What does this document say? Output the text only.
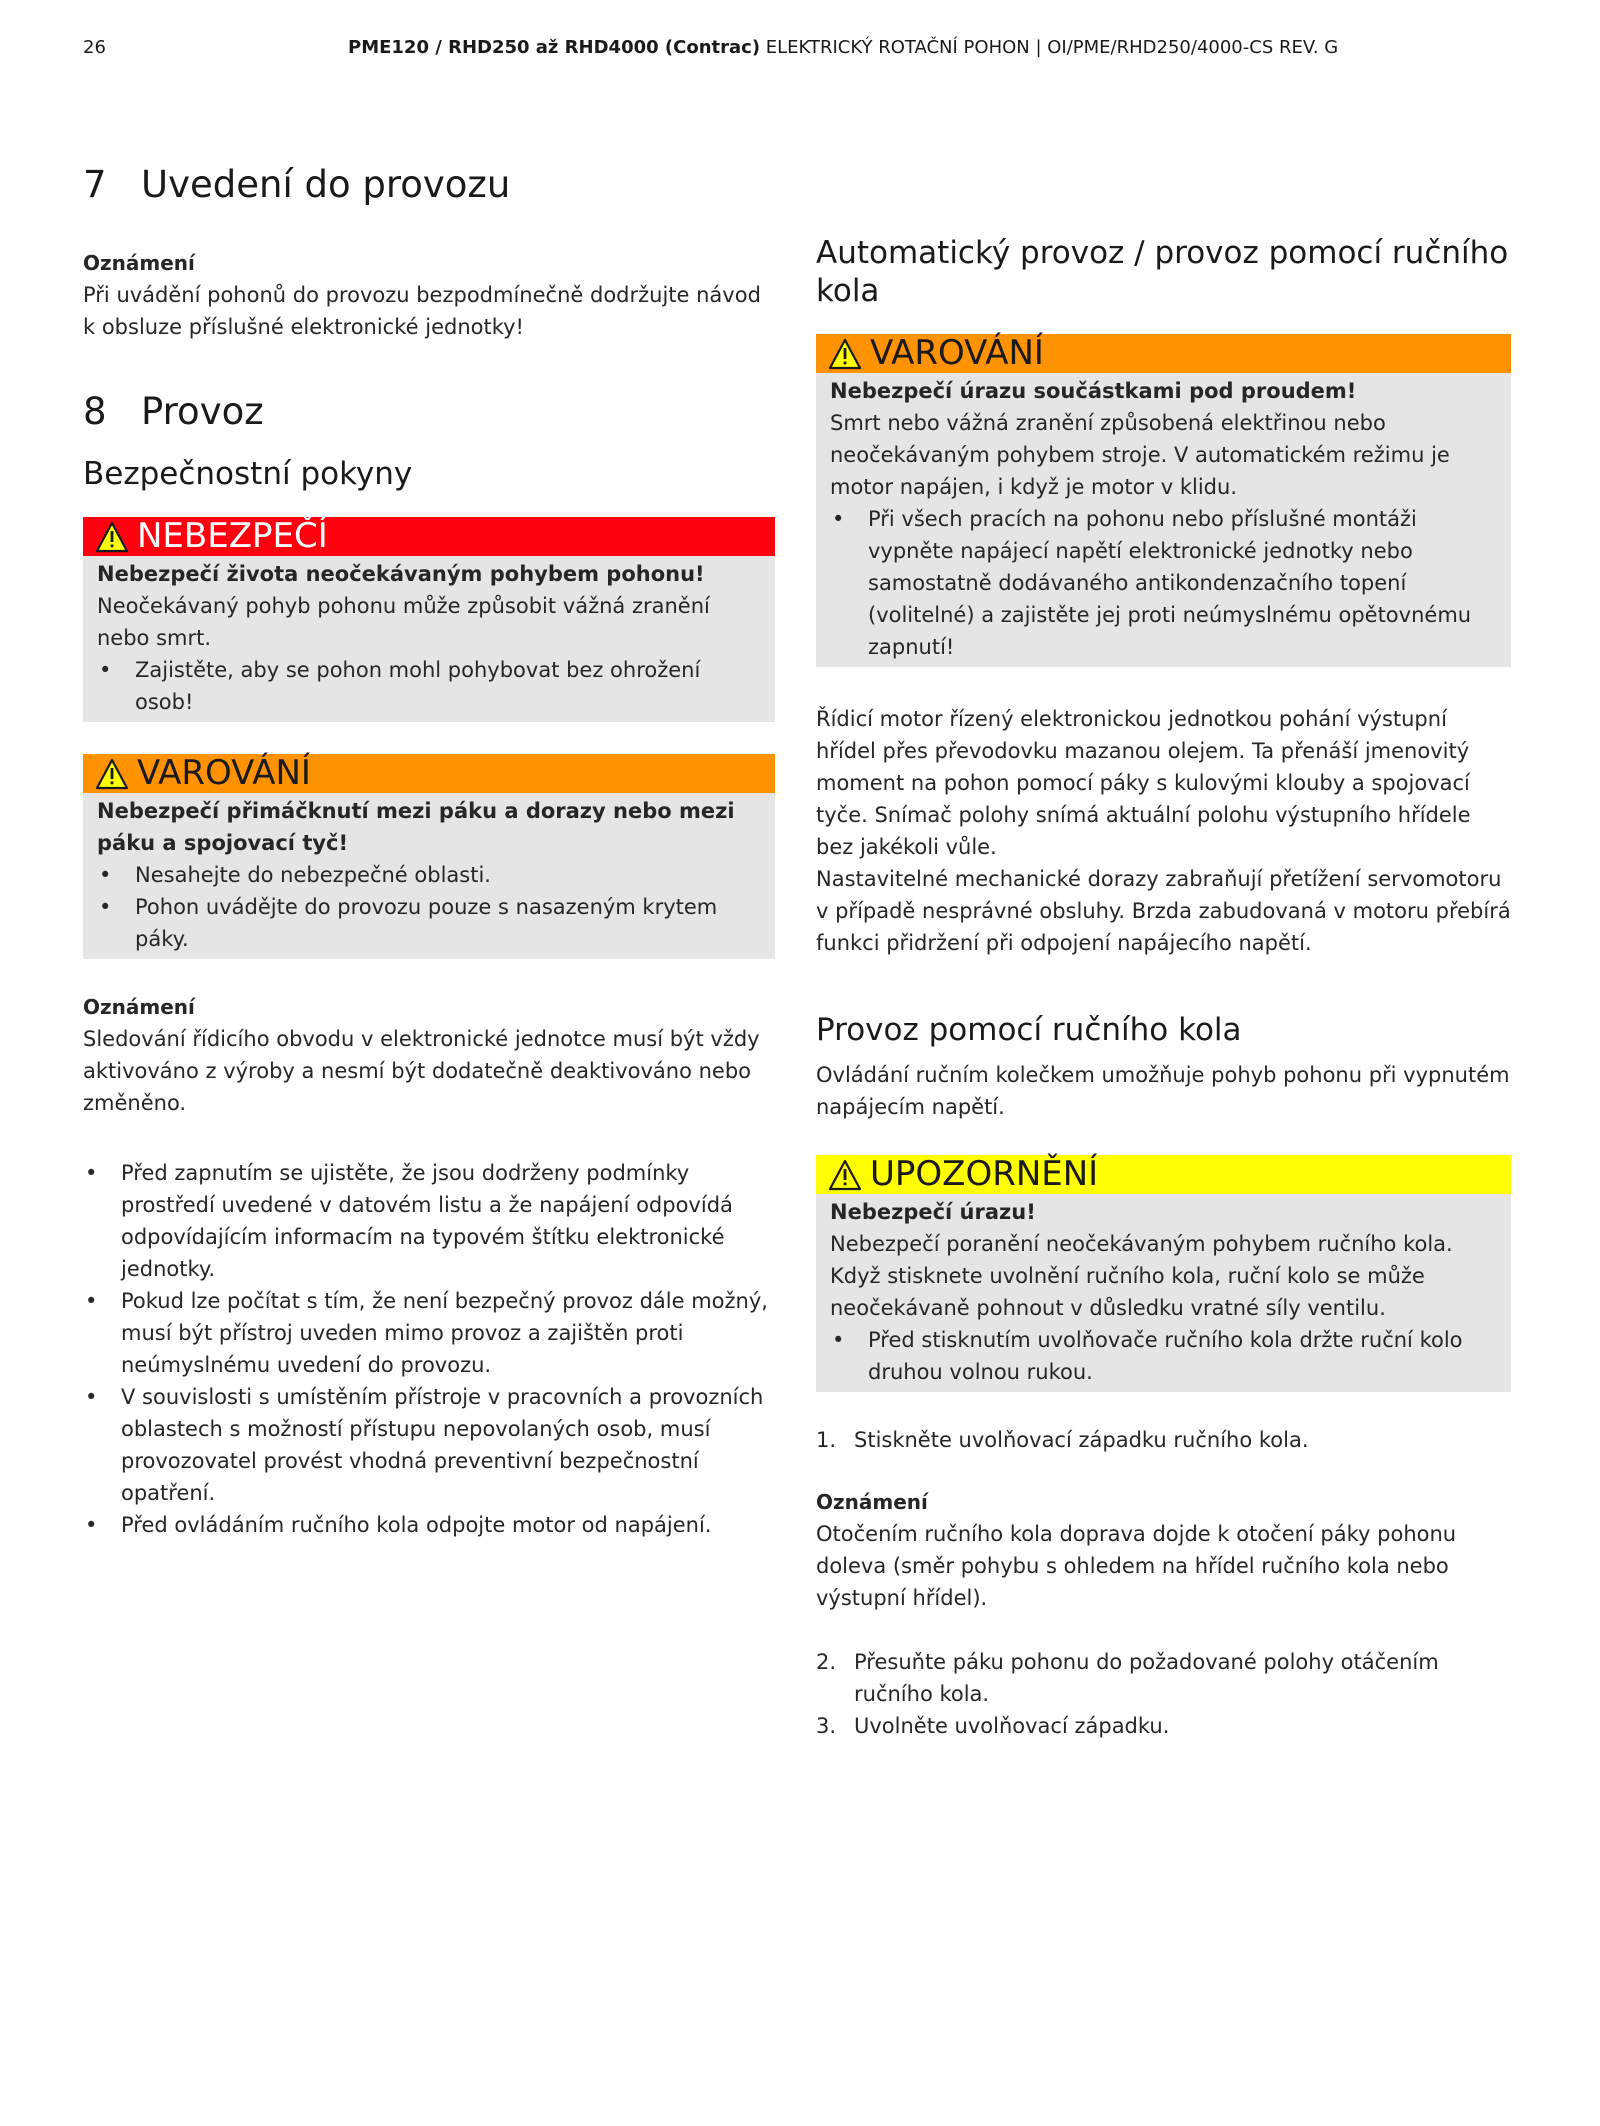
26	PME120 / RHD250 až RHD4000 (Contrac) ELEKTRICKÝ ROTAČNÍ POHON | OI/PME/RHD250/4000-CS REV. G
7 Uvedení do provozu
Oznámení

Při uvádění pohonů do provozu bezpodmínečně dodržujte návod k obsluze příslušné elektronické jednotky!

8 Provoz
Bezpečnostní pokyny
NEBEZPEČÍ
Nebezpečí života neočekávaným pohybem pohonu!

Neočekávaný pohyb pohonu může způsobit vážná zranění nebo smrt.

• Zajistěte, aby se pohon mohl pohybovat bez ohrožení osob!
VAROVÁNÍ
Nebezpečí přimáčknutí mezi páku a dorazy nebo mezi páku a spojovací tyč!
• Nesahejte do nebezpečné oblasti.
• Pohon uvádějte do provozu pouze s nasazeným krytem páky.
Oznámení

Sledování řídicího obvodu v elektronické jednotce musí být vždy aktivováno z výroby a nesmí být dodatečně deaktivováno nebo změněno.

• Před zapnutím se ujistěte, že jsou dodrženy podmínky prostředí uvedené v datovém listu a že napájení odpovídá odpovídajícím informacím na typovém štítku elektronické jednotky.
• Pokud lze počítat s tím, že není bezpečný provoz dále možný, musí být přístroj uveden mimo provoz a zajištěn proti neúmyslnému uvedení do provozu.
• V souvislosti s umístěním přístroje v pracovních a provozních oblastech s možností přístupu nepovolaných osob, musí provozovatel provést vhodná preventivní bezpečnostní opatření.
• Před ovládáním ručního kola odpojte motor od napájení.
Automatický provoz / provoz pomocí ručního kola
VAROVÁNÍ
Nebezpečí úrazu součástkami pod proudem!

Smrt nebo vážná zranění způsobená elektřinou nebo neočekávaným pohybem stroje. V automatickém režimu je motor napájen, i když je motor v klidu.

• Při všech pracích na pohonu nebo příslušné montáži vypněte napájecí napětí elektronické jednotky nebo samostatně dodávaného antikondenzačního topení (volitelné) a zajistěte jej proti neúmyslnému opětovnému zapnutí!

Řídicí motor řízený elektronickou jednotkou pohání výstupní hřídel přes převodovku mazanou olejem. Ta přenáší jmenovitý moment na pohon pomocí páky s kulovými klouby a spojovací tyče. Snímač polohy snímá aktuální polohu výstupního hřídele bez jakékoli vůle.

Nastavitelné mechanické dorazy zabraňují přetížení servomotoru v případě nesprávné obsluhy. Brzda zabudovaná v motoru přebírá funkci přidržení při odpojení napájecího napětí.

Provoz pomocí ručního kola

Ovládání ručním kolečkem umožňuje pohyb pohonu při vypnutém napájecím napětí.

UPOZORNĚNÍ
Nebezpečí úrazu!

Nebezpečí poranění neočekávaným pohybem ručního kola. Když stisknete uvolnění ručního kola, ruční kolo se může neočekávaně pohnout v důsledku vratné síly ventilu.

• Před stisknutím uvolňovače ručního kola držte ruční kolo druhou volnou rukou.
1. Stiskněte uvolňovací západku ručního kola.
Oznámení

Otočením ručního kola doprava dojde k otočení páky pohonu doleva (směr pohybu s ohledem na hřídel ručního kola nebo výstupní hřídel).

2. Přesuňte páku pohonu do požadované polohy otáčením ručního kola.
3. Uvolněte uvolňovací západku.
